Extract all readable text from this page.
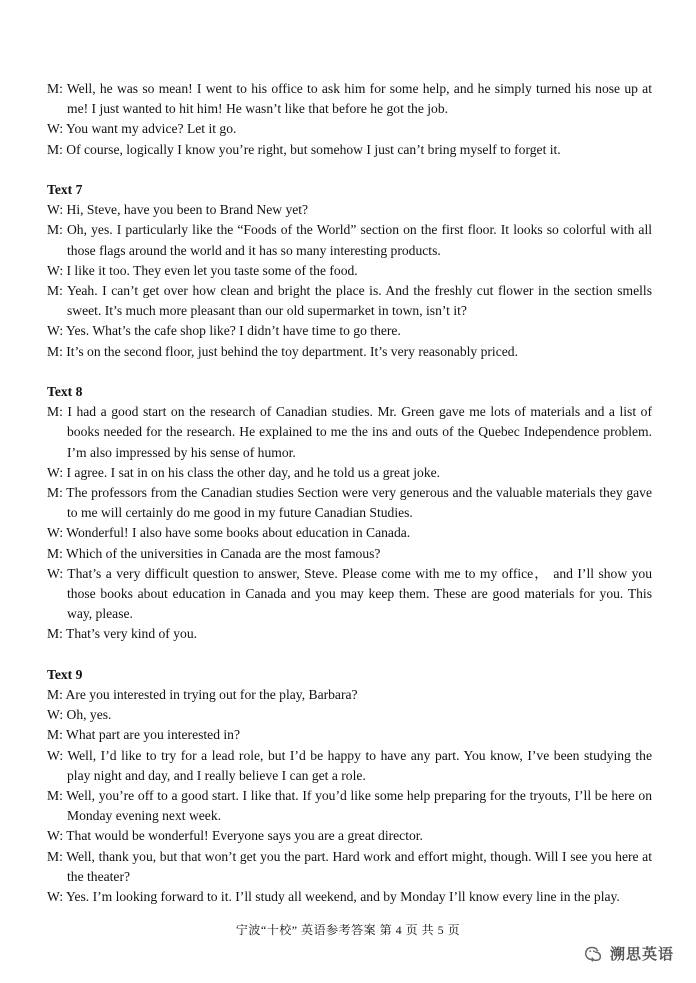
M: Well, he was so mean! I went to his office to ask him for some help, and he simply turned his nose up at me! I just wanted to hit him! He wasn’t like that before he got the job.

W: You want my advice? Let it go.

M: Of course, logically I know you’re right, but somehow I just can’t bring myself to forget it.

Text 7

W: Hi, Steve, have you been to Brand New yet?

M: Oh, yes. I particularly like the “Foods of the World” section on the first floor. It looks so colorful with all those flags around the world and it has so many interesting products.

W: I like it too. They even let you taste some of the food.

M: Yeah. I can’t get over how clean and bright the place is. And the freshly cut flower in the section smells sweet. It’s much more pleasant than our old supermarket in town, isn’t it?

W: Yes. What’s the cafe shop like? I didn’t have time to go there.

M: It’s on the second floor, just behind the toy department. It’s very reasonably priced.

Text 8

M: I had a good start on the research of Canadian studies. Mr. Green gave me lots of materials and a list of books needed for the research. He explained to me the ins and outs of the Quebec Independence problem. I’m also impressed by his sense of humor.

W: I agree. I sat in on his class the other day, and he told us a great joke.

M: The professors from the Canadian studies Section were very generous and the valuable materials they gave to me will certainly do me good in my future Canadian Studies.

W: Wonderful! I also have some books about education in Canada.

M: Which of the universities in Canada are the most famous?

W: That’s a very difficult question to answer, Steve. Please come with me to my office， and I’ll show you those books about education in Canada and you may keep them. These are good materials for you. This way, please.

M: That’s very kind of you.

Text 9

M: Are you interested in trying out for the play, Barbara?

W: Oh, yes.

M: What part are you interested in?

W: Well, I’d like to try for a lead role, but I’d be happy to have any part. You know, I’ve been studying the play night and day, and I really believe I can get a role.

M: Well, you’re off to a good start. I like that. If you’d like some help preparing for the tryouts, I’ll be here on Monday evening next week.

W: That would be wonderful! Everyone says you are a great director.

M: Well, thank you, but that won’t get you the part. Hard work and effort might, though. Will I see you here at the theater?

W: Yes. I’m looking forward to it. I’ll study all weekend, and by Monday I’ll know every line in the play.

宁波“十校” 英语参考答案 第 4 页 共 5 页
溯思英语
